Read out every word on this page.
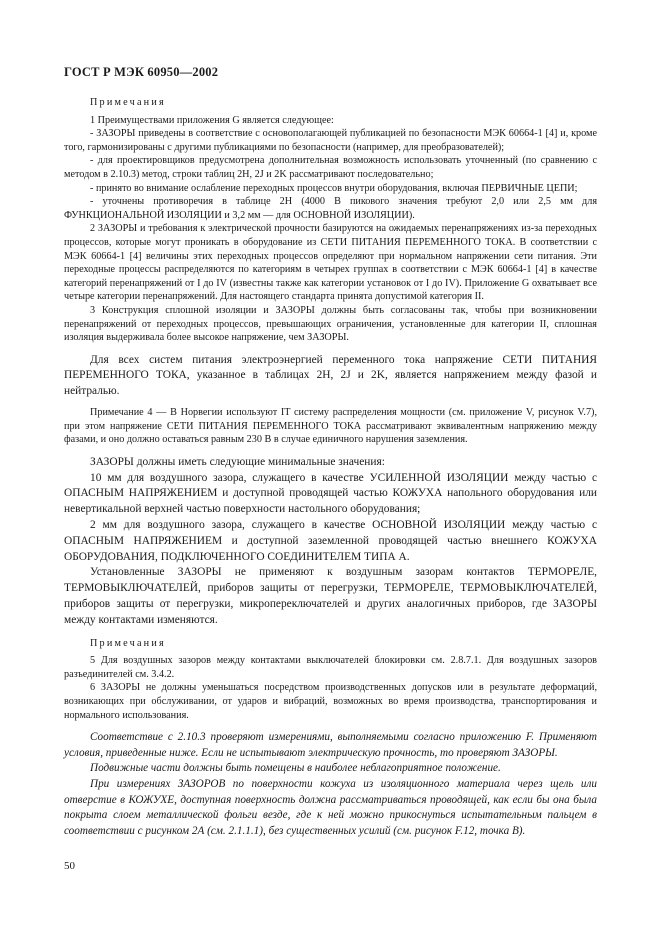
ГОСТ Р МЭК 60950—2002

Примечания

1 Преимуществами приложения G является следующее:

- ЗАЗОРЫ приведены в соответствие с основополагающей публикацией по безопасности МЭК 60664-1 [4] и, кроме того, гармонизированы с другими публикациями по безопасности (например, для преобразователей);

- для проектировщиков предусмотрена дополнительная возможность использовать уточненный (по сравнению с методом в 2.10.3) метод, строки таблиц 2H, 2J и 2K рассматривают последовательно;

- принято во внимание ослабление переходных процессов внутри оборудования, включая ПЕРВИЧНЫЕ ЦЕПИ;

- уточнены противоречия в таблице 2H (4000 В пикового значения требуют 2,0 или 2,5 мм для ФУНКЦИОНАЛЬНОЙ ИЗОЛЯЦИИ и 3,2 мм — для ОСНОВНОЙ ИЗОЛЯЦИИ).

2 ЗАЗОРЫ и требования к электрической прочности базируются на ожидаемых перенапряжениях из-за переходных процессов, которые могут проникать в оборудование из СЕТИ ПИТАНИЯ ПЕРЕМЕННОГО ТОКА. В соответствии с МЭК 60664-1 [4] величины этих переходных процессов определяют при нормальном напряжении сети питания. Эти переходные процессы распределяются по категориям в четырех группах в соответствии с МЭК 60664-1 [4] в качестве категорий перенапряжений от I до IV (известны также как категории установок от I до IV). Приложение G охватывает все четыре категории перенапряжений. Для настоящего стандарта принята допустимой категория II.

3 Конструкция сплошной изоляции и ЗАЗОРЫ должны быть согласованы так, чтобы при возникновении перенапряжений от переходных процессов, превышающих ограничения, установленные для категории II, сплошная изоляция выдерживала более высокое напряжение, чем ЗАЗОРЫ.

Для всех систем питания электроэнергией переменного тока напряжение СЕТИ ПИТАНИЯ ПЕРЕМЕННОГО ТОКА, указанное в таблицах 2H, 2J и 2K, является напряжением между фазой и нейтралью.

Примечание 4 — В Норвегии используют IT систему распределения мощности (см. приложение V, рисунок V.7), при этом напряжение СЕТИ ПИТАНИЯ ПЕРЕМЕННОГО ТОКА рассматривают эквивалентным напряжению между фазами, и оно должно оставаться равным 230 В в случае единичного нарушения заземления.

ЗАЗОРЫ должны иметь следующие минимальные значения:

10 мм для воздушного зазора, служащего в качестве УСИЛЕННОЙ ИЗОЛЯЦИИ между частью с ОПАСНЫМ НАПРЯЖЕНИЕМ и доступной проводящей частью КОЖУХА напольного оборудования или невертикальной верхней частью поверхности настольного оборудования;

2 мм для воздушного зазора, служащего в качестве ОСНОВНОЙ ИЗОЛЯЦИИ между частью с ОПАСНЫМ НАПРЯЖЕНИЕМ и доступной заземленной проводящей частью внешнего КОЖУХА ОБОРУДОВАНИЯ, ПОДКЛЮЧЕННОГО СОЕДИНИТЕЛЕМ ТИПА А.

Установленные ЗАЗОРЫ не применяют к воздушным зазорам контактов ТЕРМОРЕЛЕ, ТЕРМОВЫКЛЮЧАТЕЛЕЙ, приборов защиты от перегрузки, ТЕРМОРЕЛЕ, ТЕРМОВЫКЛЮЧАТЕЛЕЙ, приборов защиты от перегрузки, микропереключателей и других аналогичных приборов, где ЗАЗОРЫ между контактами изменяются.

Примечания

5 Для воздушных зазоров между контактами выключателей блокировки см. 2.8.7.1. Для воздушных зазоров разъединителей см. 3.4.2.

6 ЗАЗОРЫ не должны уменьшаться посредством производственных допусков или в результате деформаций, возникающих при обслуживании, от ударов и вибраций, возможных во время производства, транспортирования и нормального использования.

Соответствие с 2.10.3 проверяют измерениями, выполняемыми согласно приложению F. Применяют условия, приведенные ниже. Если не испытывают электрическую прочность, то проверяют ЗАЗОРЫ.

Подвижные части должны быть помещены в наиболее неблагоприятное положение.

При измерениях ЗАЗОРОВ по поверхности кожуха из изоляционного материала через щель или отверстие в КОЖУХЕ, доступная поверхность должна рассматриваться проводящей, как если бы она была покрыта слоем металлической фольги везде, где к ней можно прикоснуться испытательным пальцем в соответствии с рисунком 2А (см. 2.1.1.1), без существенных усилий (см. рисунок F.12, точка В).

50
